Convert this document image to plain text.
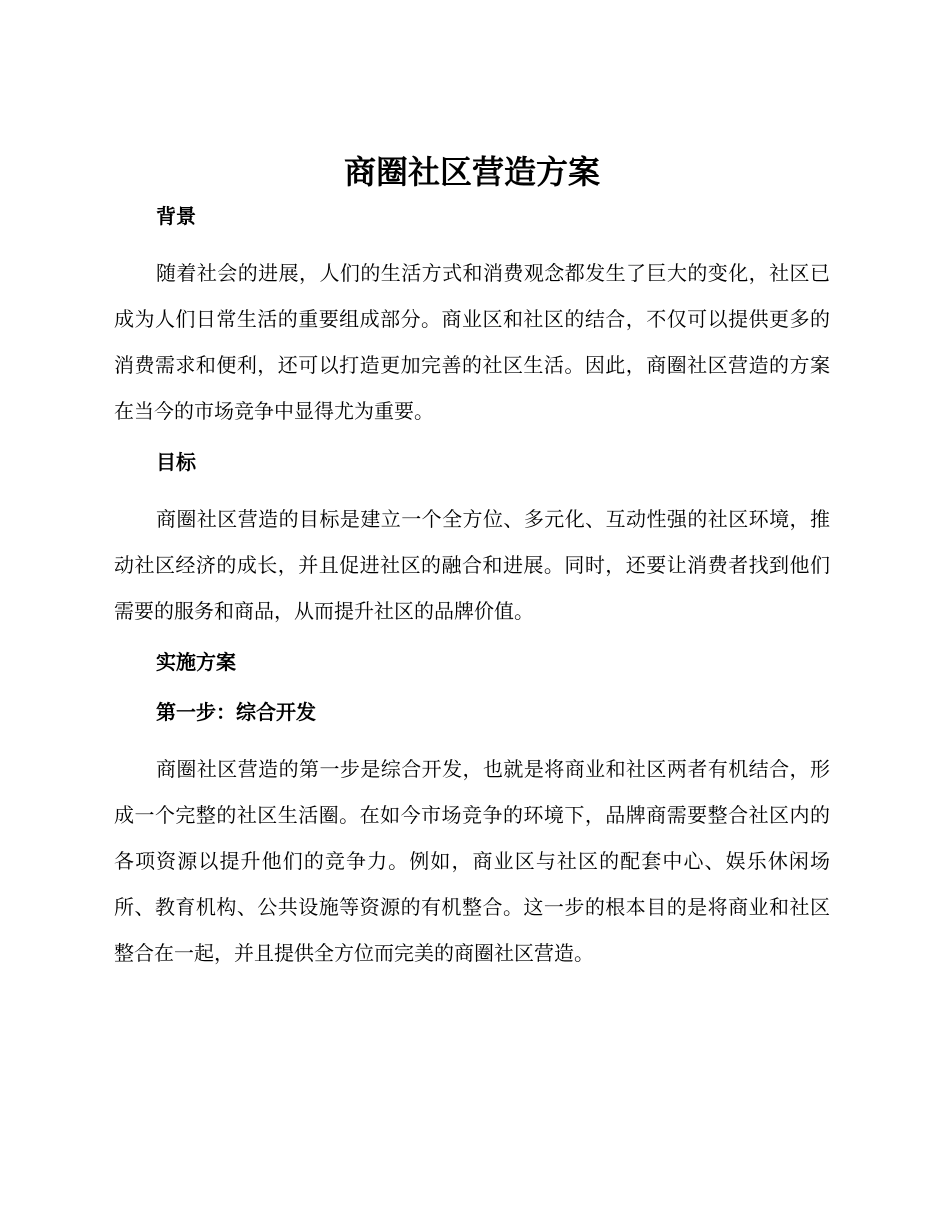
商圈社区营造方案
背景

随着社会的进展，人们的生活方式和消费观念都发生了巨大的变化，社区已成为人们日常生活的重要组成部分。商业区和社区的结合，不仅可以提供更多的消费需求和便利，还可以打造更加完善的社区生活。因此，商圈社区营造的方案在当今的市场竞争中显得尤为重要。

目标

商圈社区营造的目标是建立一个全方位、多元化、互动性强的社区环境，推动社区经济的成长，并且促进社区的融合和进展。同时，还要让消费者找到他们需要的服务和商品，从而提升社区的品牌价值。

实施方案
第一步：综合开发

商圈社区营造的第一步是综合开发，也就是将商业和社区两者有机结合，形成一个完整的社区生活圈。在如今市场竞争的环境下，品牌商需要整合社区内的各项资源以提升他们的竞争力。例如，商业区与社区的配套中心、娱乐休闲场所、教育机构、公共设施等资源的有机整合。这一步的根本目的是将商业和社区整合在一起，并且提供全方位而完美的商圈社区营造。
